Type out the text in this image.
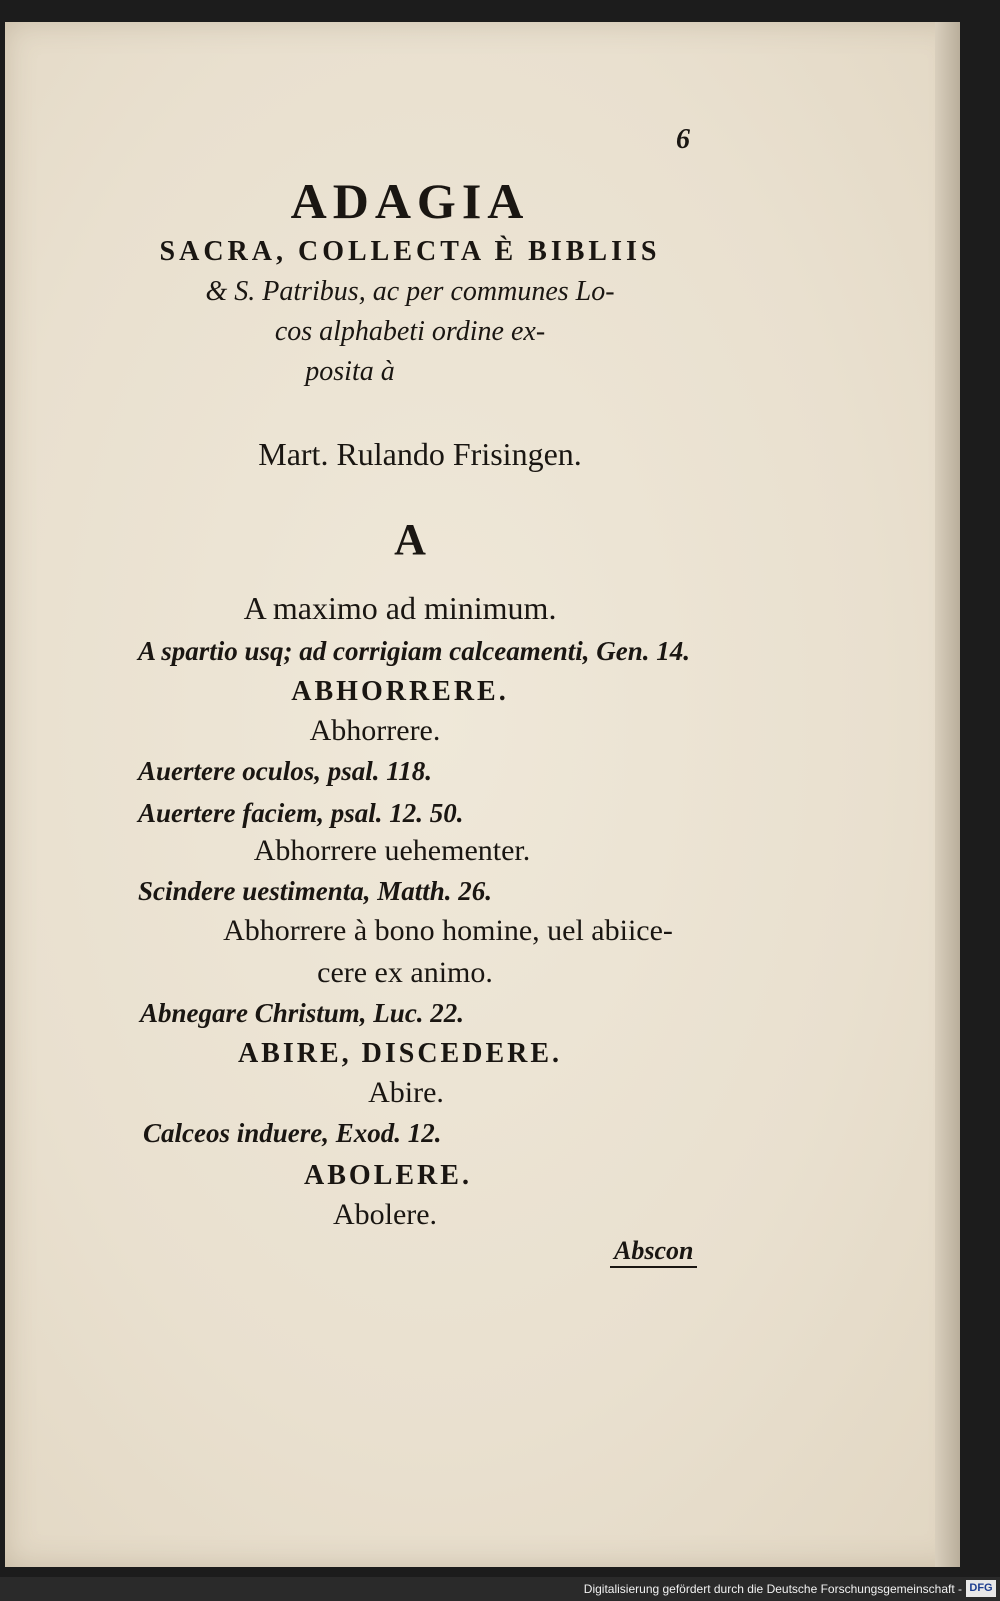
6
ADAGIA
SACRA, COLLECTA È BIBLIIS
& S. Patribus, ac per communes Lo-
cos alphabeti ordine ex-
posita à
Mart. Rulando Frisingen.
A
A maximo ad minimum.
A spartio usq; ad corrigiam calceamenti, Gen. 14.
ABHORRERE.
Abhorrere.
Auertere oculos, psal. 118.
Auertere faciem, psal. 12. 50.
Abhorrere uehementer.
Scindere uestimenta, Matth. 26.
Abhorrere à bono homine, uel abiice-
cere ex animo.
Abnegare Christum, Luc. 22.
ABIRE, DISCEDERE.
Abire.
Calceos induere, Exod. 12.
ABOLERE.
Abolere.
Abscon
Digitalisierung gefördert durch die Deutsche Forschungsgemeinschaft - DFG
